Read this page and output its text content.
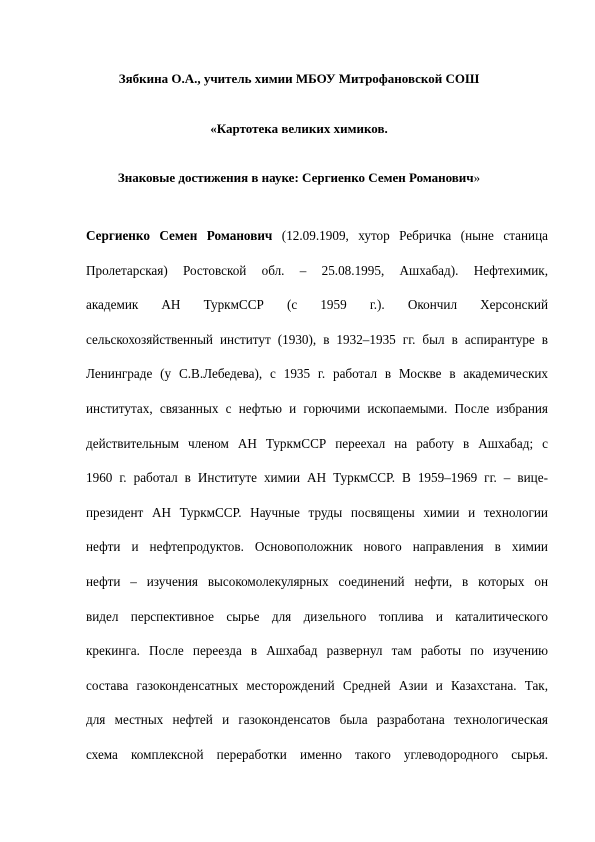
Зябкина О.А., учитель химии МБОУ Митрофановской СОШ
«Картотека великих химиков.
Знаковые достижения в науке: Сергиенко Семен Романович»
Сергиенко Семен Романович (12.09.1909, хутор Ребричка (ныне станица
Пролетарская) Ростовской обл. – 25.08.1995, Ашхабад). Нефтехимик,
академик АН ТуркмССР (с 1959 г.). Окончил Херсонский
сельскохозяйственный институт (1930), в 1932–1935 гг. был в аспирантуре в
Ленинграде (у С.В.Лебедева), с 1935 г. работал в Москве в академических
институтах, связанных с нефтью и горючими ископаемыми. После избрания
действительным членом АН ТуркмССР переехал на работу в Ашхабад; с
1960 г. работал в Институте химии АН ТуркмССР. В 1959–1969 гг. – вице-
президент АН ТуркмССР. Научные труды посвящены химии и технологии
нефти и нефтепродуктов. Основоположник нового направления в химии
нефти – изучения высокомолекулярных соединений нефти, в которых он
видел перспективное сырье для дизельного топлива и каталитического
крекинга. После переезда в Ашхабад развернул там работы по изучению
состава газоконденсатных месторождений Средней Азии и Казахстана. Так,
для местных нефтей и газоконденсатов была разработана технологическая
схема комплексной переработки именно такого углеводородного сырья.
